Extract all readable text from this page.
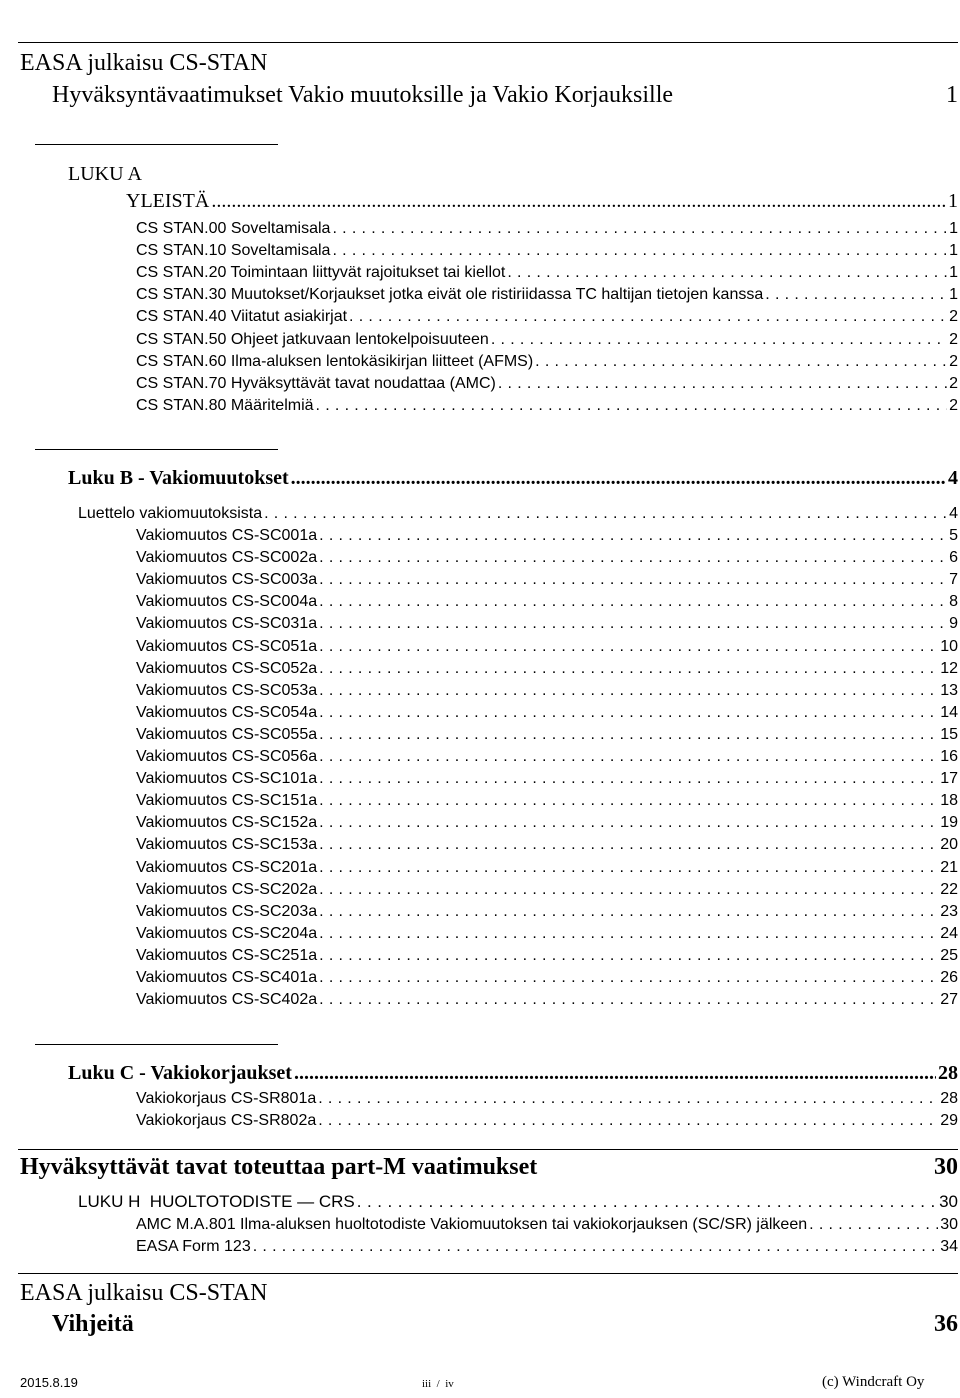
EASA julkaisu CS-STAN
Hyväksyntävaatimukset Vakio muutoksille ja Vakio Korjauksille	1
LUKU A
YLEISTÄ .....	1
CS STAN.00 Soveltamisala . . .	1
CS STAN.10 Soveltamisala . . .	1
CS STAN.20 Toimintaan liittyvät rajoitukset tai kiellot . . .	1
CS STAN.30 Muutokset/Korjaukset jotka eivät ole ristiriidassa TC haltijan tietojen kanssa . . .	1
CS STAN.40 Viitatut asiakirjat . . .	2
CS STAN.50 Ohjeet jatkuvaan lentokelpoisuuteen . . .	2
CS STAN.60 Ilma-aluksen lentokäsikirjan liitteet (AFMS) . . .	2
CS STAN.70 Hyväksyttävät tavat noudattaa (AMC) . . .	2
CS STAN.80 Määritelmiä . . .	2
Luku B - Vakiomuutokset .....	4
Luettelo vakiomuutoksista . . .	4
Vakiomuutos CS-SC001a . . .	5
Vakiomuutos CS-SC002a . . .	6
Vakiomuutos CS-SC003a . . .	7
Vakiomuutos CS-SC004a . . .	8
Vakiomuutos CS-SC031a . . .	9
Vakiomuutos CS-SC051a . . .	10
Vakiomuutos CS-SC052a . . .	12
Vakiomuutos CS-SC053a . . .	13
Vakiomuutos CS-SC054a . . .	14
Vakiomuutos CS-SC055a . . .	15
Vakiomuutos CS-SC056a . . .	16
Vakiomuutos CS-SC101a . . .	17
Vakiomuutos CS-SC151a . . .	18
Vakiomuutos CS-SC152a . . .	19
Vakiomuutos CS-SC153a . . .	20
Vakiomuutos CS-SC201a . . .	21
Vakiomuutos CS-SC202a . . .	22
Vakiomuutos CS-SC203a . . .	23
Vakiomuutos CS-SC204a . . .	24
Vakiomuutos CS-SC251a . . .	25
Vakiomuutos CS-SC401a . . .	26
Vakiomuutos CS-SC402a . . .	27
Luku C - Vakiokorjaukset .....	28
Vakiokorjaus CS-SR801a . . .	28
Vakiokorjaus CS-SR802a . . .	29
Hyväksyttävät tavat toteuttaa part-M vaatimukset	30
LUKU H  HUOLTOTODISTE — CRS . . .	30
AMC M.A.801 Ilma-aluksen huoltotodiste Vakiomuutoksen tai vakiokorjauksen (SC/SR) jälkeen . . .	30
EASA Form 123 . . .	34
EASA julkaisu CS-STAN
Vihjeitä	36
2015.8.19	iii  /  iv	(c) Windcraft Oy
